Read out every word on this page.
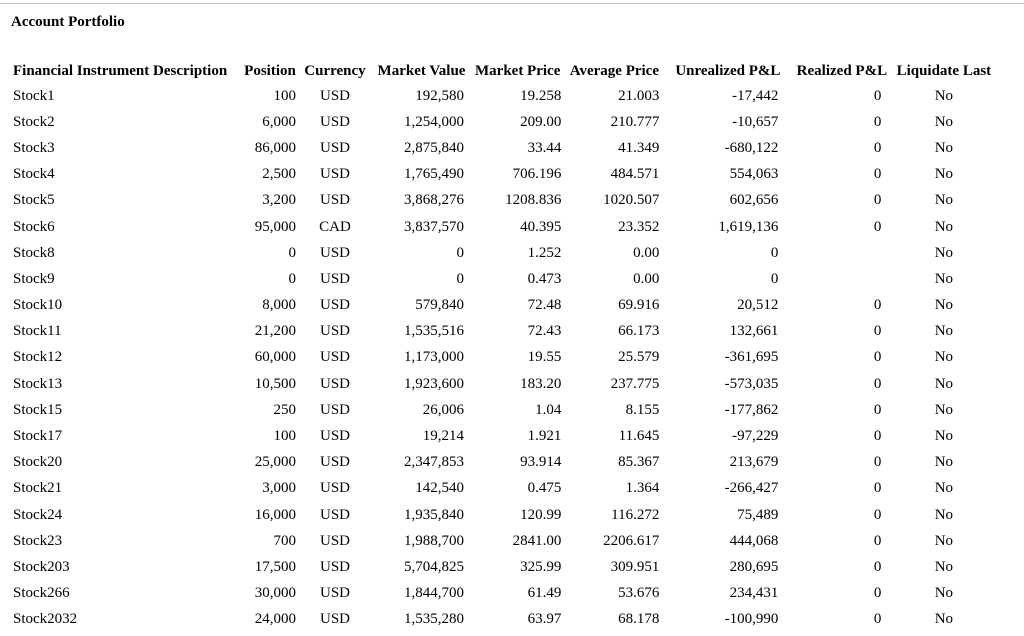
Account Portfolio
Financial Instrument Description	Position	Currency	Market Value	Market Price	Average Price	Unrealized P&L	Realized P&L	Liquidate Last
Stock1	100	USD	192,580	19.258	21.003	-17,442	0	No
Stock2	6,000	USD	1,254,000	209.00	210.777	-10,657	0	No
Stock3	86,000	USD	2,875,840	33.44	41.349	-680,122	0	No
Stock4	2,500	USD	1,765,490	706.196	484.571	554,063	0	No
Stock5	3,200	USD	3,868,276	1208.836	1020.507	602,656	0	No
Stock6	95,000	CAD	3,837,570	40.395	23.352	1,619,136	0	No
Stock8	0	USD	0	1.252	0.00	0		No
Stock9	0	USD	0	0.473	0.00	0		No
Stock10	8,000	USD	579,840	72.48	69.916	20,512	0	No
Stock11	21,200	USD	1,535,516	72.43	66.173	132,661	0	No
Stock12	60,000	USD	1,173,000	19.55	25.579	-361,695	0	No
Stock13	10,500	USD	1,923,600	183.20	237.775	-573,035	0	No
Stock15	250	USD	26,006	1.04	8.155	-177,862	0	No
Stock17	100	USD	19,214	1.921	11.645	-97,229	0	No
Stock20	25,000	USD	2,347,853	93.914	85.367	213,679	0	No
Stock21	3,000	USD	142,540	0.475	1.364	-266,427	0	No
Stock24	16,000	USD	1,935,840	120.99	116.272	75,489	0	No
Stock23	700	USD	1,988,700	2841.00	2206.617	444,068	0	No
Stock203	17,500	USD	5,704,825	325.99	309.951	280,695	0	No
Stock266	30,000	USD	1,844,700	61.49	53.676	234,431	0	No
Stock2032	24,000	USD	1,535,280	63.97	68.178	-100,990	0	No
